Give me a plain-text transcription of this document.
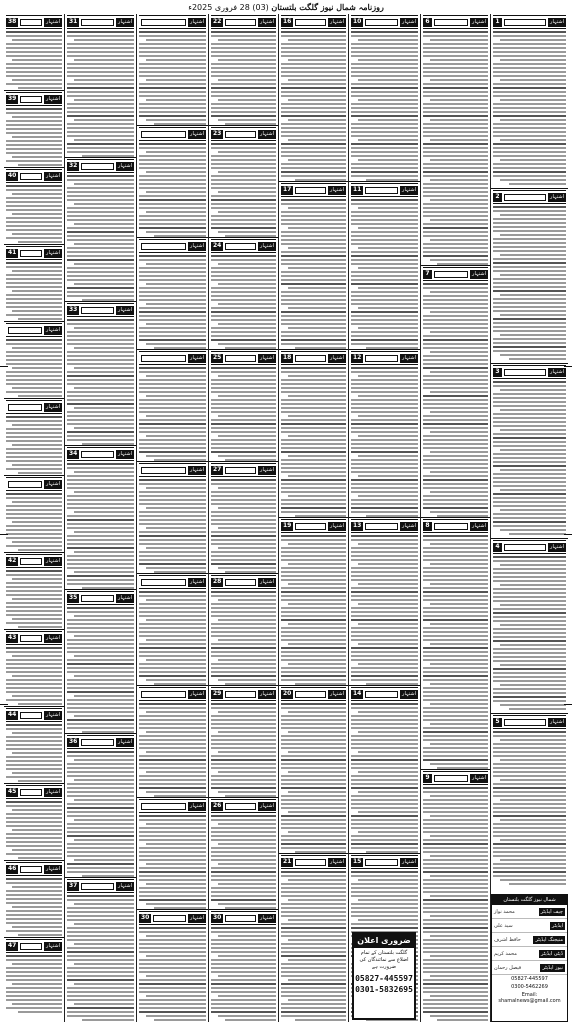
روزنامہ شمال نیوز گلگت بلتستان (03) 28 فروری 2025ء
38	اشتہار
39	اشتہار
40	اشتہار
41	اشتہار
اشتہار
اشتہار
اشتہار
42	اشتہار
43	اشتہار
44	اشتہار
45	اشتہار
46	اشتہار
47	اشتہار
31	اشتہار
32	اشتہار
33	اشتہار
34	اشتہار
35	اشتہار
36	اشتہار
37	اشتہار
اشتہار
اشتہار
اشتہار
اشتہار
اشتہار
اشتہار
اشتہار
اشتہار
30	اشتہار
22	اشتہار
23	اشتہار
24	اشتہار
25	اشتہار
27	اشتہار
28	اشتہار
29	اشتہار
26	اشتہار
30	اشتہار
16	اشتہار
17	اشتہار
18	اشتہار
19	اشتہار
20	اشتہار
21	اشتہار
10	اشتہار
11	اشتہار
12	اشتہار
13	اشتہار
14	اشتہار
15	اشتہار
6	اشتہار
7	اشتہار
8	اشتہار
9	اشتہار
1	اشتہار
2	اشتہار
3	اشتہار
4	اشتہار
5	اشتہار
شمال نیوز گلگت بلتستان
محمد نواز	چیف ایڈیٹر
سید علی	ایڈیٹر
حافظ اشرف	منیجنگ ایڈیٹر
محمد کریم	ڈپٹی ایڈیٹر
فیصل رحمان	نیوز ایڈیٹر
05827-445597
0300-5462269
Email: shamalnews@gmail.com
ضروری اعلان
گلگت بلتستان کے تمام اضلاع سے نمائندگان کی ضرورت ہے
05827-445597
0301-5832695
